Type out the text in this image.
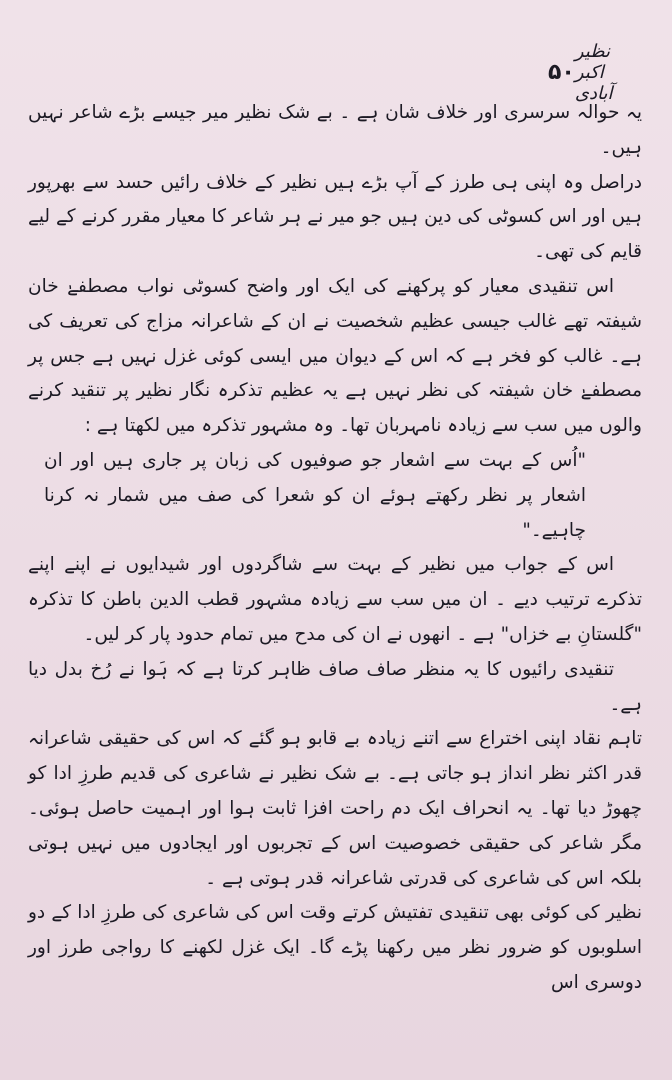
۵۰
نظیر اکبر آبادی

یہ حوالہ سرسری اور خلاف شان ہے ۔ بے شک نظیر میر جیسے بڑے شاعر نہیں ہیں۔

دراصل وہ اپنی ہی طرز کے آپ بڑے ہیں نظیر کے خلاف رائیں حسد سے بھرپور ہیں اور اس کسوٹی کی دین ہیں جو میر نے ہر شاعر کا معیار مقرر کرنے کے لیے قایم کی تھی۔

اس تنقیدی معیار کو پرکھنے کی ایک اور واضح کسوٹی نواب مصطفےٰ خان شیفتہ تھے غالب جیسی عظیم شخصیت نے ان کے شاعرانہ مزاج کی تعریف کی ہے۔ غالب کو فخر ہے کہ اس کے دیوان میں ایسی کوئی غزل نہیں ہے جس پر مصطفےٰ خان شیفتہ کی نظر نہیں ہے یہ عظیم تذکرہ نگار نظیر پر تنقید کرنے والوں میں سب سے زیادہ نامہربان تھا۔ وہ مشہور تذکرہ میں لکھتا ہے :

"اُس کے بہت سے اشعار جو صوفیوں کی زبان پر جاری ہیں اور ان اشعار پر نظر رکھتے ہوئے ان کو شعرا کی صف میں شمار نہ کرنا چاہیے۔"

اس کے جواب میں نظیر کے بہت سے شاگردوں اور شیدایوں نے اپنے اپنے تذکرے ترتیب دیے ۔ ان میں سب سے زیادہ مشہور قطب الدین باطن کا تذکرہ "گلستانِ بے خزاں" ہے ۔ انھوں نے ان کی مدح میں تمام حدود پار کر لیں۔

تنقیدی رائیوں کا یہ منظر صاف صاف ظاہر کرتا ہے کہ ہَوا نے رُخ بدل دیا ہے۔

تاہم نقاد اپنی اختراع سے اتنے زیادہ بے قابو ہو گئے کہ اس کی حقیقی شاعرانہ قدر اکثر نظر انداز ہو جاتی ہے۔ بے شک نظیر نے شاعری کی قدیم طرزِ ادا کو چھوڑ دیا تھا۔ یہ انحراف ایک دم راحت افزا ثابت ہوا اور اہمیت حاصل ہوئی۔ مگر شاعر کی حقیقی خصوصیت اس کے تجربوں اور ایجادوں میں نہیں ہوتی بلکہ اس کی شاعری کی قدرتی شاعرانہ قدر ہوتی ہے ۔

نظیر کی کوئی بھی تنقیدی تفتیش کرتے وقت اس کی شاعری کی طرزِ ادا کے دو اسلوبوں کو ضرور نظر میں رکھنا پڑے گا۔ ایک غزل لکھنے کا رواجی طرز اور دوسری اس
